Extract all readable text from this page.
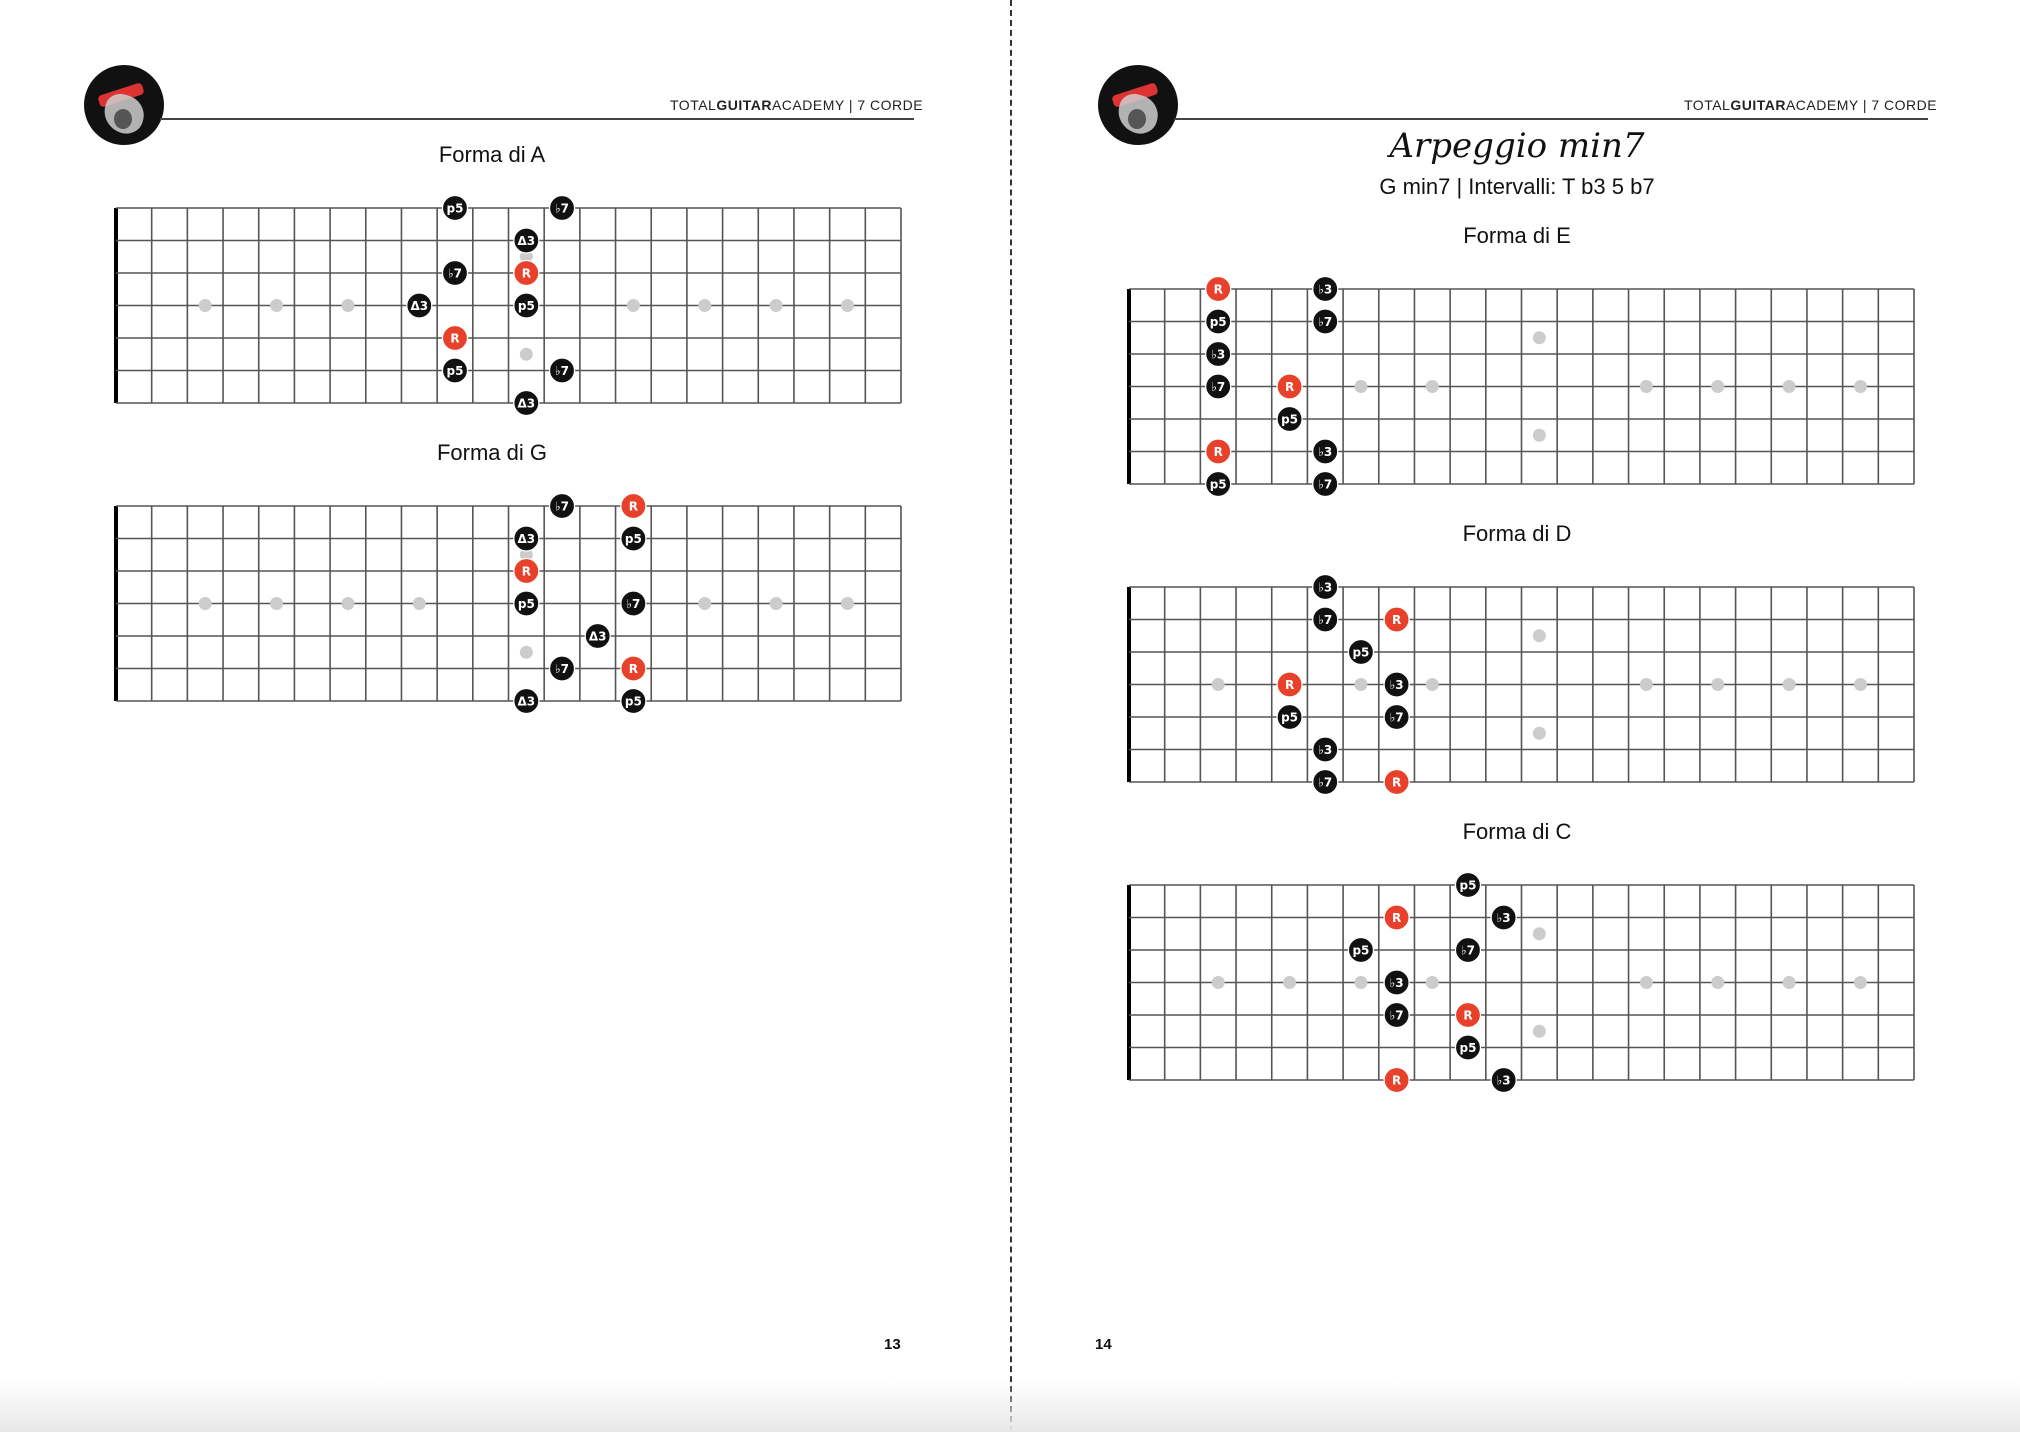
TOTALGUITARACADEMY | 7 CORDE
Forma di A
p5	♭7
Δ3
♭7	R
Δ3	p5
R
p5	♭7
Δ3
Forma di G
♭7	R
Δ3	p5
R
p5	♭7
Δ3
♭7	R
Δ3	p5
13
TOTALGUITARACADEMY | 7 CORDE
Arpeggio min7
G min7 | Intervalli: T b3 5 b7
Forma di E
R	♭3
p5	♭7
♭3
♭7	R
p5
R	♭3
p5	♭7
Forma di D
♭3
♭7	R
p5
R	♭3
p5	♭7
♭3
♭7	R
Forma di C
p5
R	♭3
p5	♭7
♭3
♭7	R
p5
R	♭3
14
